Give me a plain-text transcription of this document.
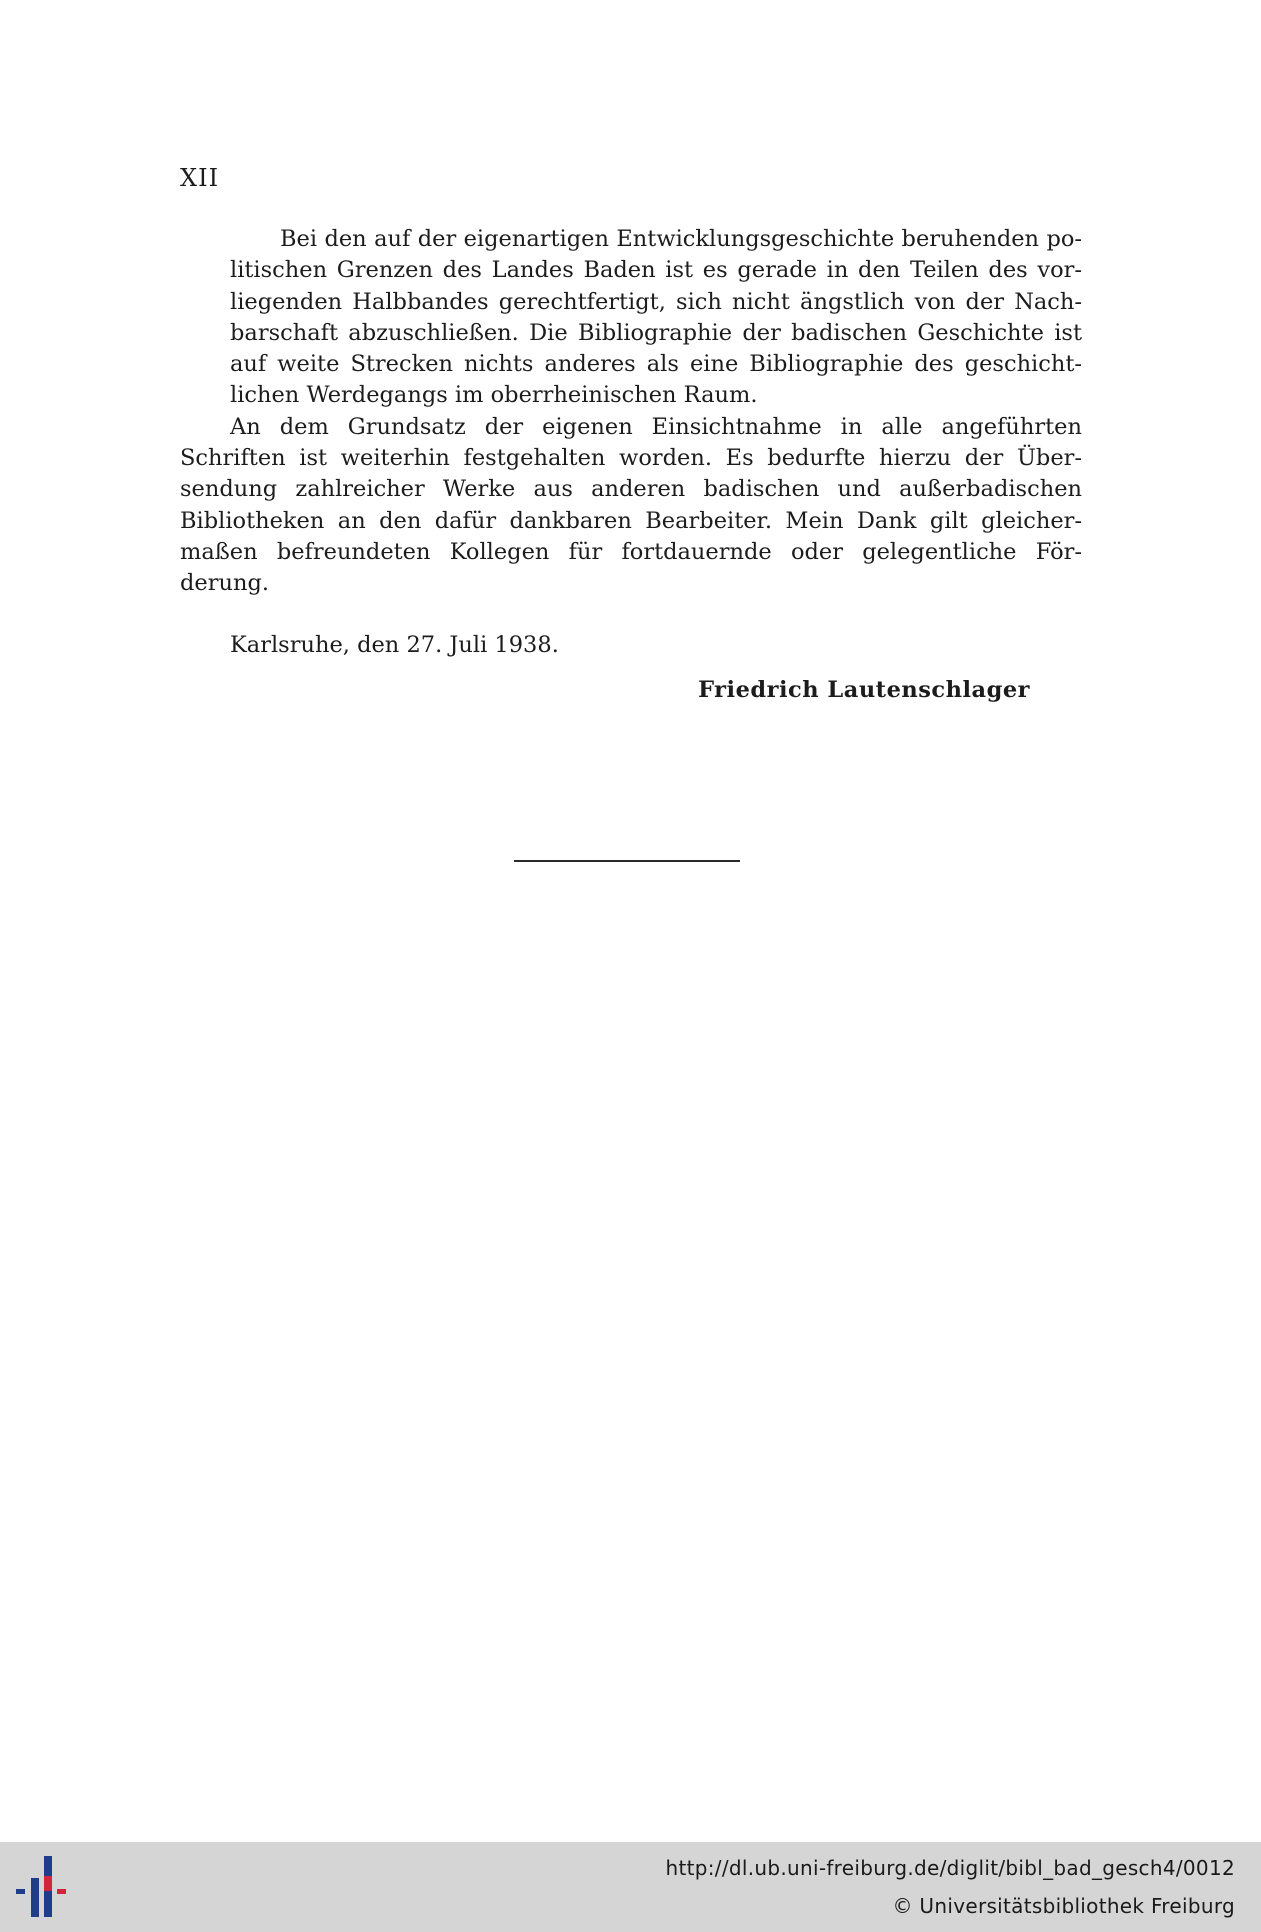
XII

Bei den auf der eigenartigen Entwicklungsgeschichte beruhenden po-
litischen Grenzen des Landes Baden ist es gerade in den Teilen des vor-
liegenden Halbbandes gerechtfertigt, sich nicht ängstlich von der Nach-
barschaft abzuschließen. Die Bibliographie der badischen Geschichte ist
auf weite Strecken nichts anderes als eine Bibliographie des geschicht-
lichen Werdegangs im oberrheinischen Raum.

An dem Grundsatz der eigenen Einsichtnahme in alle angeführten
Schriften ist weiterhin festgehalten worden. Es bedurfte hierzu der Über-
sendung zahlreicher Werke aus anderen badischen und außerbadischen
Bibliotheken an den dafür dankbaren Bearbeiter. Mein Dank gilt gleicher-
maßen befreundeten Kollegen für fortdauernde oder gelegentliche För-
derung.

Karlsruhe, den 27. Juli 1938.
Friedrich Lautenschlager
http://dl.ub.uni-freiburg.de/diglit/bibl_bad_gesch4/0012
© Universitätsbibliothek Freiburg
